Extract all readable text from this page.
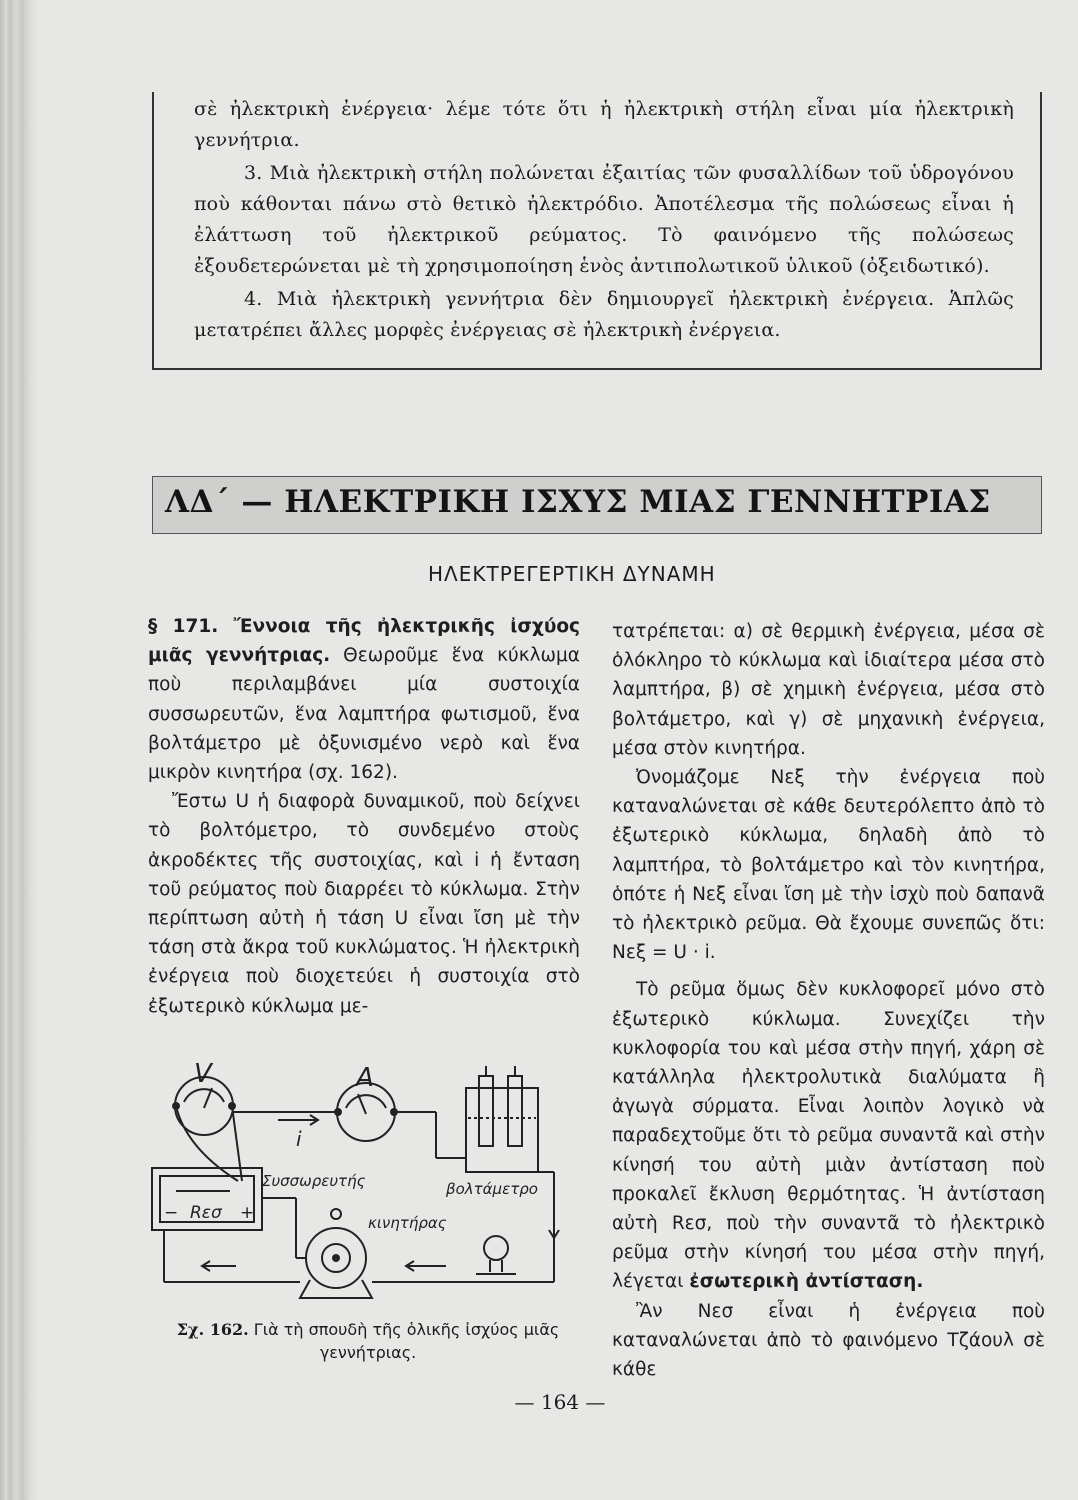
σὲ ἠλεκτρικὴ ἐνέργεια· λέμε τότε ὅτι ἡ ἠλεκτρικὴ στήλη εἶναι μία ἠλεκτρικὴ γεννήτρια.
3. Μιὰ ἠλεκτρικὴ στήλη πολώνεται ἐξαιτίας τῶν φυσαλλίδων τοῦ ὑδρογόνου ποὺ κάθονται πάνω στὸ θετικὸ ἠλεκτρόδιο. Ἀποτέλεσμα τῆς πολώσεως εἶναι ἡ ἐλάττωση τοῦ ἠλεκτρικοῦ ρεύματος. Τὸ φαινόμενο τῆς πολώσεως ἐξουδετερώνεται μὲ τὴ χρησιμοποίηση ἑνὸς ἀντιπολωτικοῦ ὑλικοῦ (ὀξειδωτικό).
4. Μιὰ ἠλεκτρικὴ γεννήτρια δὲν δημιουργεῖ ἠλεκτρικὴ ἐνέργεια. Ἁπλῶς μετατρέπει ἄλλες μορφὲς ἐνέργειας σὲ ἠλεκτρικὴ ἐνέργεια.
ΛΔ΄ — ΗΛΕΚΤΡΙΚΗ ΙΣΧΥΣ ΜΙΑΣ ΓΕΝΝΗΤΡΙΑΣ
ΗΛΕΚΤΡΕΓΕΡΤΙΚΗ ΔΥΝΑΜΗ

§ 171. Ἔννοια τῆς ἠλεκτρικῆς ἰσχύος μιᾶς γεννήτριας. Θεωροῦμε ἕνα κύκλωμα ποὺ περιλαμβάνει μία συστοιχία συσσωρευτῶν, ἕνα λαμπτήρα φωτισμοῦ, ἕνα βολτάμετρο μὲ ὀξυνισμένο νερὸ καὶ ἕνα μικρὸν κινητήρα (σχ. 162).

Ἔστω U ἡ διαφορὰ δυναμικοῦ, ποὺ δείχνει τὸ βολτόμετρο, τὸ συνδεμένο στοὺς ἀκροδέκτες τῆς συστοιχίας, καὶ i ἡ ἔνταση τοῦ ρεύματος ποὺ διαρρέει τὸ κύκλωμα. Στὴν περίπτωση αὐτὴ ἡ τάση U εἶναι ἴση μὲ τὴν τάση στὰ ἄκρα τοῦ κυκλώματος. Ἡ ἠλεκτρικὴ ἐνέργεια ποὺ διοχετεύει ἡ συστοιχία στὸ ἐξωτερικὸ κύκλωμα με-

V	A
i
Συσσωρευτής	βολτάμετρο
κινητήρας
Rεσ
−	+
Σχ. 162. Γιὰ τὴ σπουδὴ τῆς ὁλικῆς ἰσχύος μιᾶς γεννήτριας.

τατρέπεται: α) σὲ θερμικὴ ἐνέργεια, μέσα σὲ ὁλόκληρο τὸ κύκλωμα καὶ ἰδιαίτερα μέσα στὸ λαμπτήρα, β) σὲ χημικὴ ἐνέργεια, μέσα στὸ βολτάμετρο, καὶ γ) σὲ μηχανικὴ ἐνέργεια, μέσα στὸν κινητήρα.

Ὀνομάζομε Nεξ τὴν ἐνέργεια ποὺ καταναλώνεται σὲ κάθε δευτερόλεπτο ἀπὸ τὸ ἐξωτερικὸ κύκλωμα, δηλαδὴ ἀπὸ τὸ λαμπτήρα, τὸ βολτάμετρο καὶ τὸν κινητήρα, ὁπότε ἡ Nεξ εἶναι ἴση μὲ τὴν ἰσχὺ ποὺ δαπανᾶ τὸ ἠλεκτρικὸ ρεῦμα. Θὰ ἔχουμε συνεπῶς ὅτι: Nεξ = U · i.

Τὸ ρεῦμα ὅμως δὲν κυκλοφορεῖ μόνο στὸ ἐξωτερικὸ κύκλωμα. Συνεχίζει τὴν κυκλοφορία του καὶ μέσα στὴν πηγή, χάρη σὲ κατάλληλα ἠλεκτρολυτικὰ διαλύματα ἢ ἀγωγὰ σύρματα. Εἶναι λοιπὸν λογικὸ νὰ παραδεχτοῦμε ὅτι τὸ ρεῦμα συναντᾶ καὶ στὴν κίνησή του αὐτὴ μιὰν ἀντίσταση ποὺ προκαλεῖ ἔκλυση θερμότητας. Ἡ ἀντίσταση αὐτὴ Rεσ, ποὺ τὴν συναντᾶ τὸ ἠλεκτρικὸ ρεῦμα στὴν κίνησή του μέσα στὴν πηγή, λέγεται ἐσωτερικὴ ἀντίσταση.

Ἂν Nεσ εἶναι ἡ ἐνέργεια ποὺ καταναλώνεται ἀπὸ τὸ φαινόμενο Τζάουλ σὲ κάθε

— 164 —
